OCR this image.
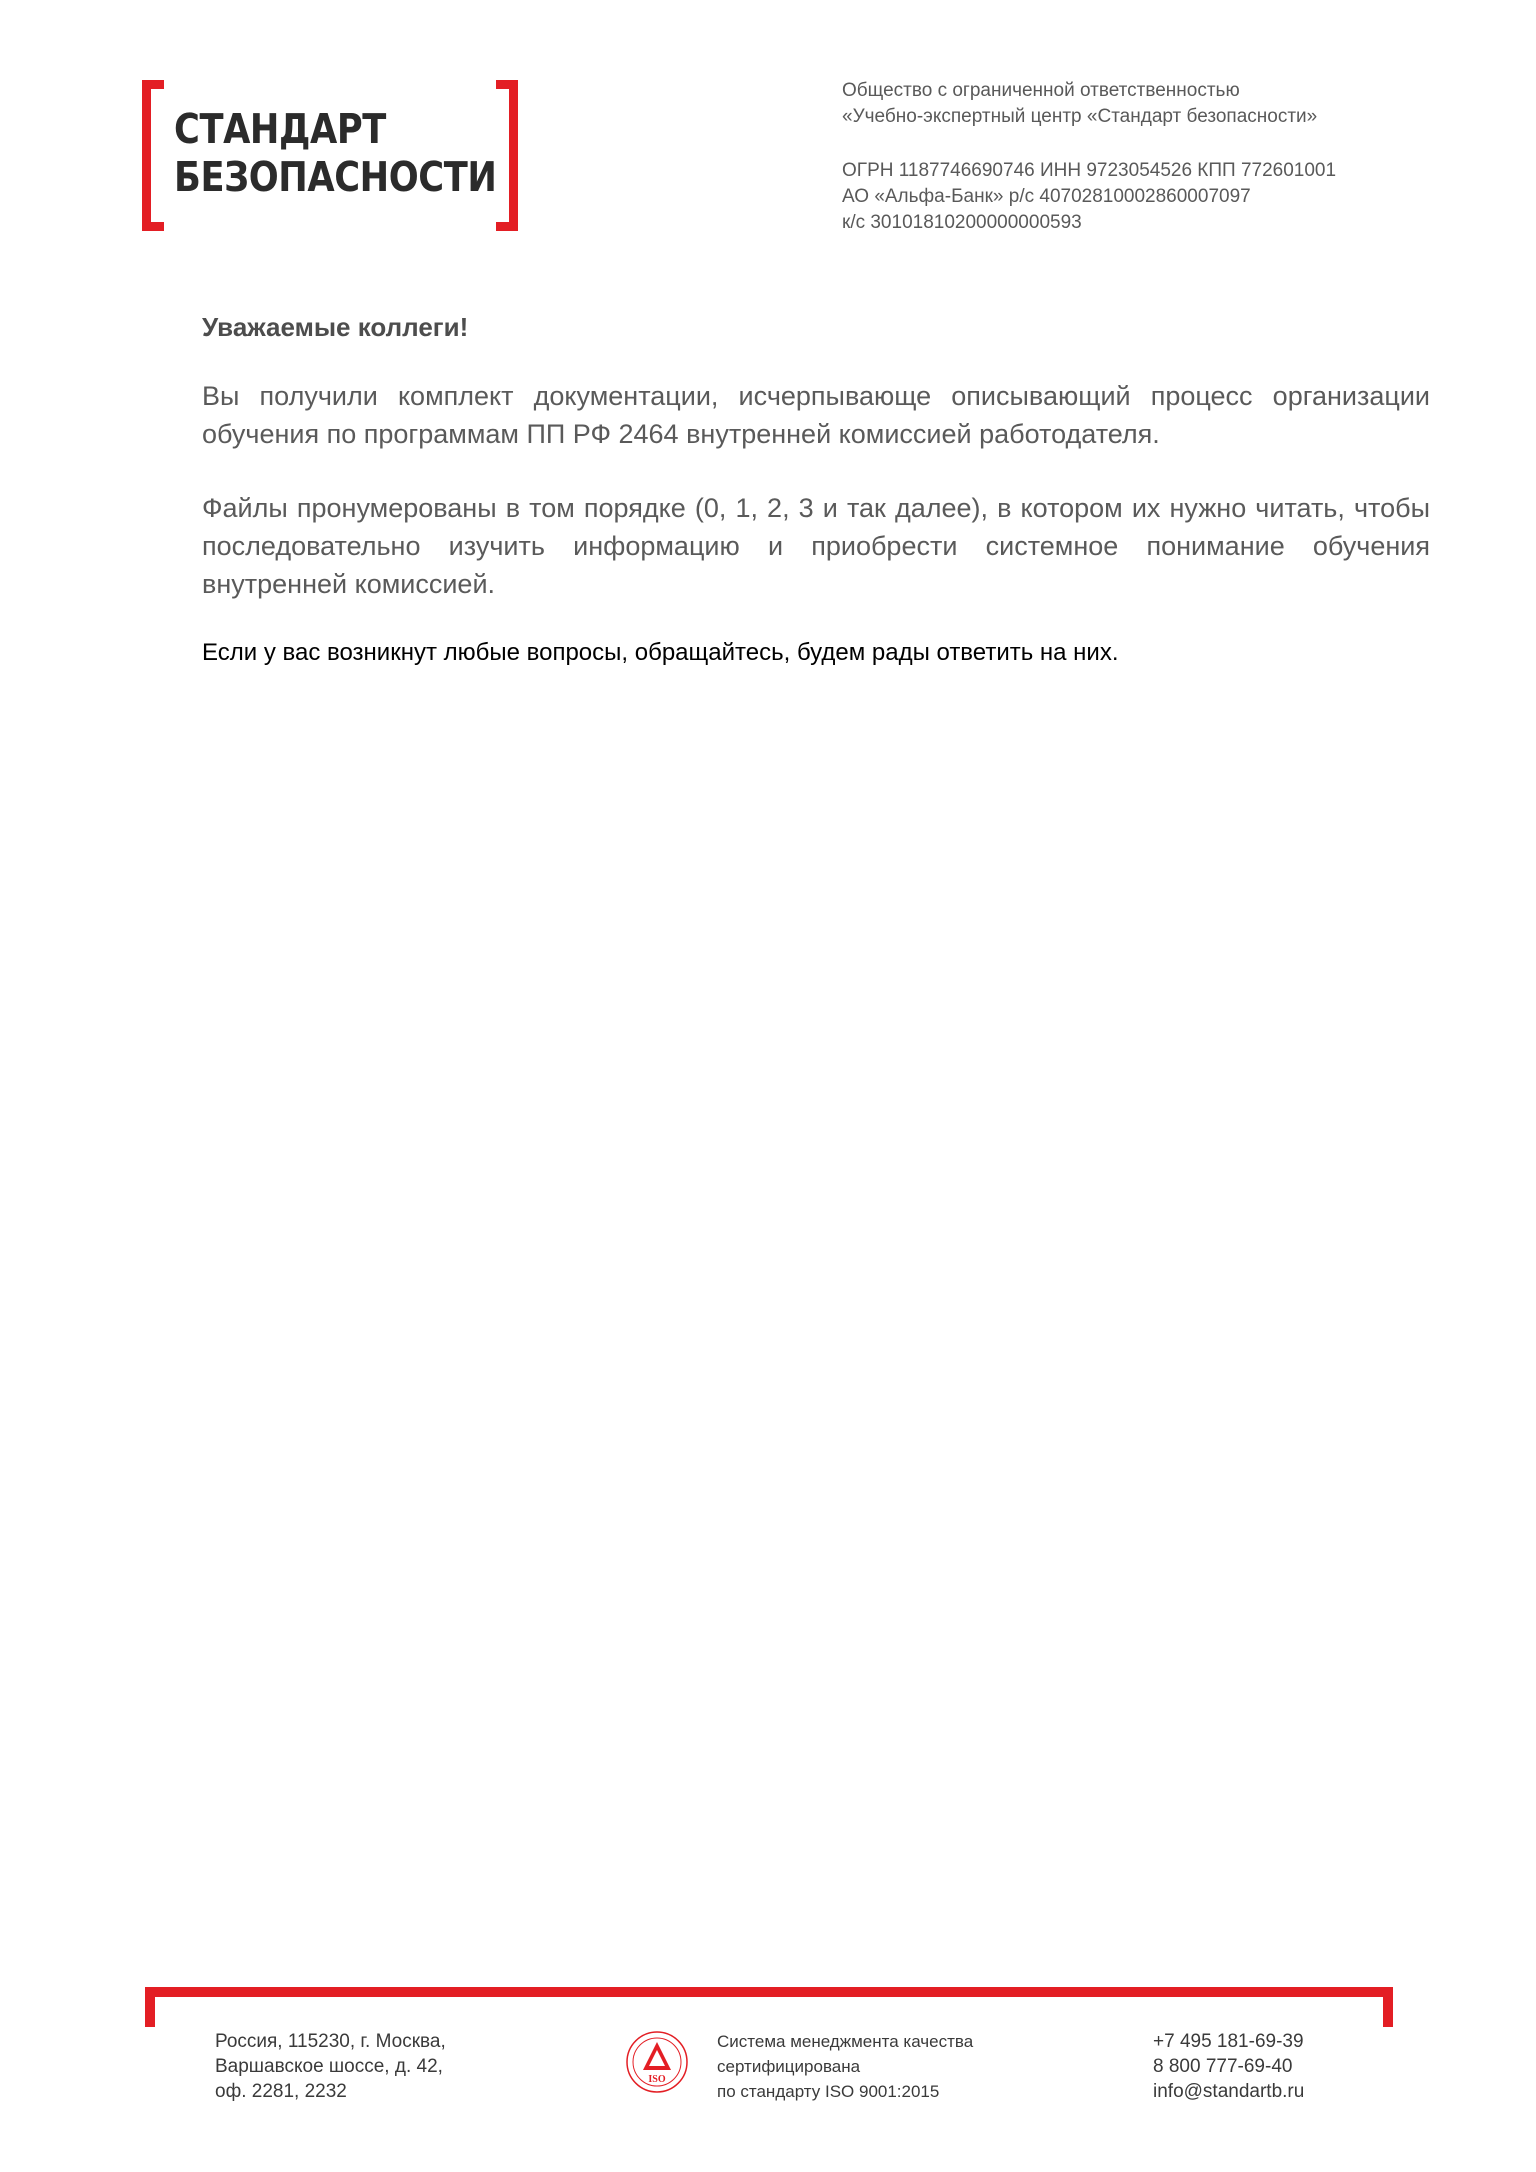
СТАНДАРТ
БЕЗОПАСНОСТИ
Общество с ограниченной ответственностью
«Учебно-экспертный центр «Стандарт безопасности»
ОГРН 1187746690746 ИНН 9723054526 КПП 772601001
АО «Альфа-Банк» р/с 40702810002860007097
к/с 30101810200000000593

Уважаемые коллеги!

Вы получили комплект документации, исчерпывающе описывающий процесс организации обучения по программам ПП РФ 2464 внутренней комиссией работодателя.

Файлы пронумерованы в том порядке (0, 1, 2, 3 и так далее), в котором их нужно читать, чтобы последовательно изучить информацию и приобрести системное понимание обучения внутренней комиссией.

Если у вас возникнут любые вопросы, обращайтесь, будем рады ответить на них.

Россия, 115230, г. Москва,
Варшавское шоссе, д. 42,
оф. 2281, 2232
ISO
Система менеджмента качества
сертифицирована
по стандарту ISO 9001:2015
+7 495 181-69-39
8 800 777-69-40
info@standartb.ru
